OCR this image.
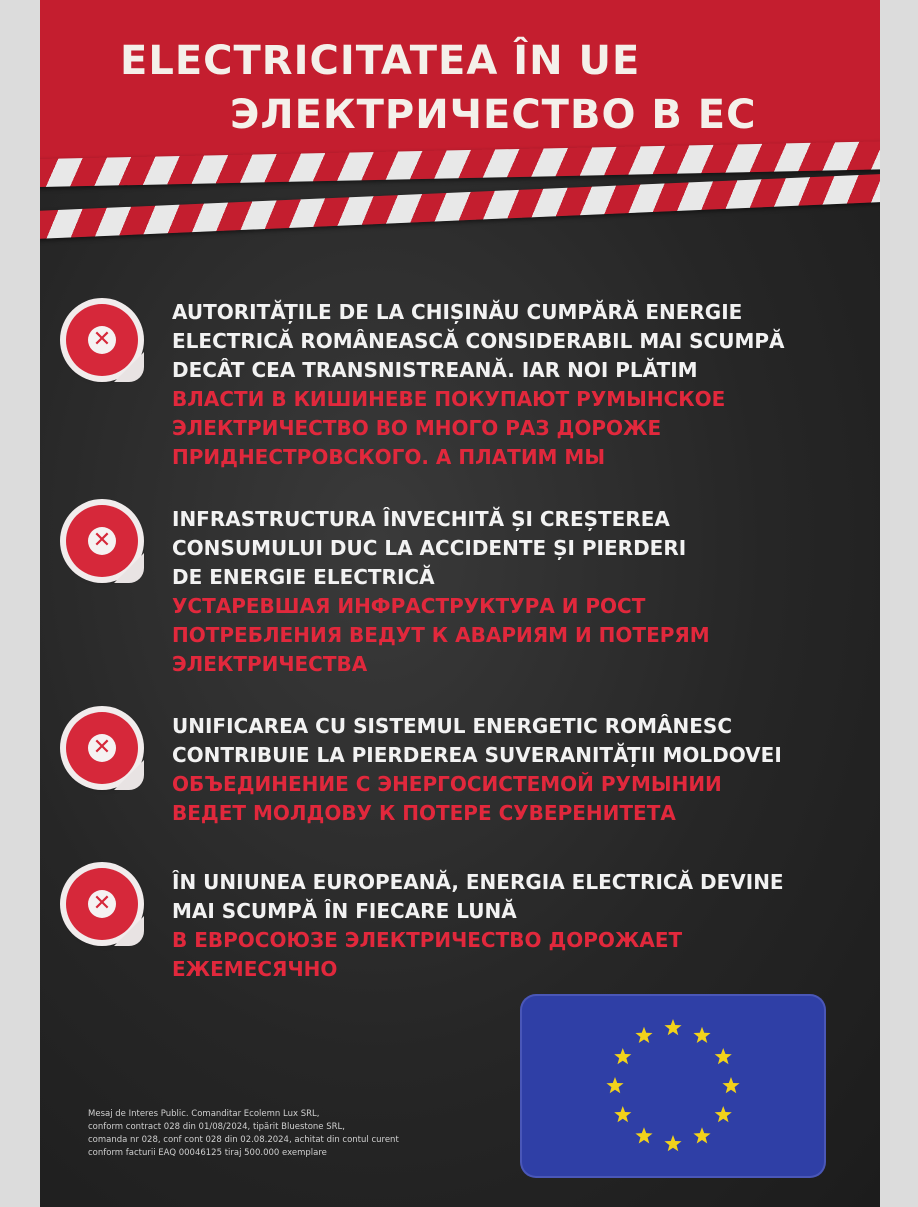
ELECTRICITATEA ÎN UE
ЭЛЕКТРИЧЕСТВО В ЕС
✕
AUTORITĂȚILE DE LA CHIȘINĂU CUMPĂRĂ ENERGIE
ELECTRICĂ ROMÂNEASCĂ CONSIDERABIL MAI SCUMPĂ
DECÂT CEA TRANSNISTREANĂ. IAR NOI PLĂTIM
ВЛАСТИ В КИШИНЕВЕ ПОКУПАЮТ РУМЫНСКОЕ
ЭЛЕКТРИЧЕСТВО ВО МНОГО РАЗ ДОРОЖЕ
ПРИДНЕСТРОВСКОГО. А ПЛАТИМ МЫ
✕
INFRASTRUCTURA ÎNVECHITĂ ȘI CREȘTEREA
CONSUMULUI DUC LA ACCIDENTE ȘI PIERDERI
DE ENERGIE ELECTRICĂ
УСТАРЕВШАЯ ИНФРАСТРУКТУРА И РОСТ
ПОТРЕБЛЕНИЯ ВЕДУТ К АВАРИЯМ И ПОТЕРЯМ
ЭЛЕКТРИЧЕСТВА
✕
UNIFICAREA CU SISTEMUL ENERGETIC ROMÂNESC
CONTRIBUIE LA PIERDEREA SUVERANITĂȚII MOLDOVEI
ОБЪЕДИНЕНИЕ С ЭНЕРГОСИСТЕМОЙ РУМЫНИИ
ВЕДЕТ МОЛДОВУ К ПОТЕРЕ СУВЕРЕНИТЕТА
✕
ÎN UNIUNEA EUROPEANĂ, ENERGIA ELECTRICĂ DEVINE
MAI SCUMPĂ ÎN FIECARE LUNĂ
В ЕВРОСОЮЗЕ ЭЛЕКТРИЧЕСТВО ДОРОЖАЕТ
ЕЖЕМЕСЯЧНО
Mesaj de Interes Public. Comanditar Ecolemn Lux SRL,
conform contract 028 din 01/08/2024, tipărit Bluestone SRL,
comanda nr 028, conf cont 028 din 02.08.2024, achitat din contul curent
conform facturii EAQ 00046125 tiraj 500.000 exemplare
